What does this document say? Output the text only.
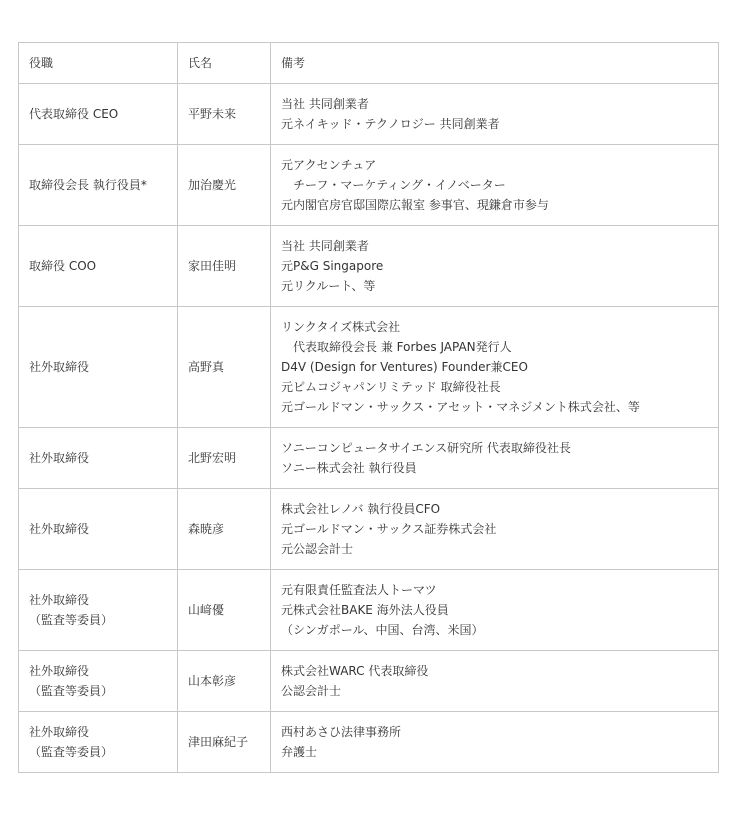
役職	氏名	備考

代表取締役 CEO	平野未来	当社 共同創業者
元ネイキッド・テクノロジー 共同創業者

取締役会長 執行役員*	加治慶光	元アクセンチュア
チーフ・マーケティング・イノベーター
元内閣官房官邸国際広報室 参事官、現鎌倉市参与

取締役 COO	家田佳明	当社 共同創業者
元P&G Singapore
元リクルート、等

社外取締役	高野真	リンクタイズ株式会社
代表取締役会長 兼 Forbes JAPAN発行人
D4V (Design for Ventures) Founder兼CEO
元ピムコジャパンリミテッド 取締役社長
元ゴールドマン・サックス・アセット・マネジメント株式会社、等

社外取締役	北野宏明	ソニーコンピュータサイエンス研究所 代表取締役社長
ソニー株式会社 執行役員

社外取締役	森暁彦	株式会社レノバ 執行役員CFO
元ゴールドマン・サックス証券株式会社
元公認会計士

社外取締役
（監査等委員）	山﨑優	元有限責任監査法人トーマツ
元株式会社BAKE 海外法人役員
（シンガポール、中国、台湾、米国）

社外取締役
（監査等委員）	山本彰彦	株式会社WARC 代表取締役
公認会計士

社外取締役
（監査等委員）	津田麻紀子	西村あさひ法律事務所
弁護士
